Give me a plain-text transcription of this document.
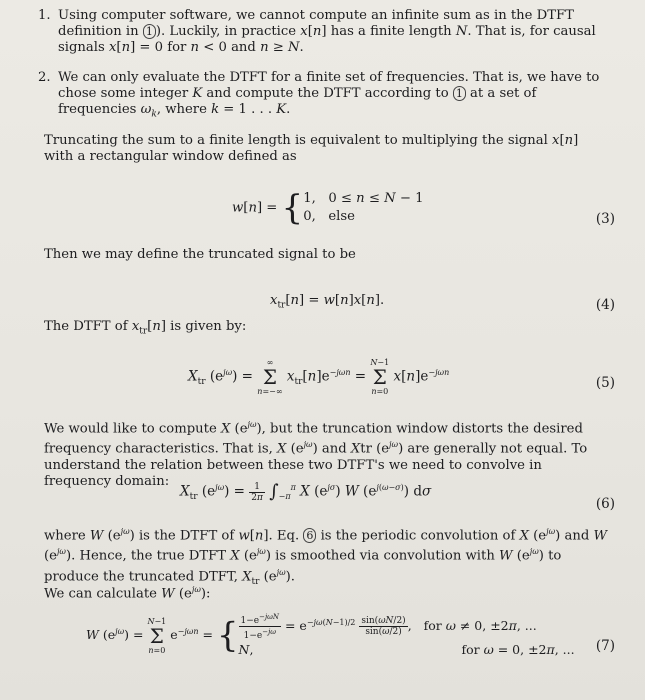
1. Using computer software, we cannot compute an infinite sum as in the DTFT definition in 1 ). Luckily, in practice x[n] has a finite length N. That is, for causal signals x[n] = 0 for n < 0 and n ≥ N.
2. We can only evaluate the DTFT for a finite set of frequencies. That is, we have to chose some integer K and compute the DTFT according to 1 at a set of frequencies $\omega_k$, where k = 1 . . . K.
Truncating the sum to a finite length is equivalent to multiplying the signal x[n] with a rectangular window defined as
w[n] = {1,   0 ≤ n ≤ N − 1
0,   else	(3)
Then we may define the truncated signal to be
$x_{tr}[n] = w[n]x[n]$.	(4)
The DTFT of $x_{tr}[n]$ is given by:
$X_{tr}$ $(e^{j\omega})$ =
∞
Σ
n=−∞
$x_{tr}[n]e^{-j\omega n}$ =
N−1
Σ
n=0
$x[n]e^{-j\omega n}$
(5)
We would like to compute X $(e^{j\omega})$, but the truncation window distorts the desired frequency characteristics. That is, X $(e^{j\omega})$ and Xtr $(e^{j\omega})$ are generally not equal. To understand the relation between these two DTFT's we need to convolve in frequency domain:
$X_{tr}$ $(e^{j\omega}) = \frac{1}{2\pi} \int_{-\pi}^\pi$ X $(e^{j\sigma})$ W $(e^{j(\omega-\sigma)})$ dσ
(6)
where W $(e^{j\omega})$ is the DTFT of w[n]. Eq. 6 is the periodic convolution of X $(e^{j\omega})$ and W $(e^{j\omega})$. Hence, the true DTFT X $(e^{j\omega})$ is smoothed via convolution with W $(e^{j\omega})$ to produce the truncated DTFT, $X_{tr}$ $(e^{j\omega})$.
We can calculate W $(e^{j\omega})$:
W $(e^{j\omega})$ =
N−1
Σ
n=0
$e^{-j\omega n}$ = { $\frac{1-e^{-j\omega N}}{1-e^{-j\omega}} = e^{-j\omega(N-1)/2} \frac{\sin(\omega N/2)}{\sin(\omega/2)}$ ,   for ω ≠ 0, ±2π, ...
N,	for ω = 0, ±2π, ... (7)
